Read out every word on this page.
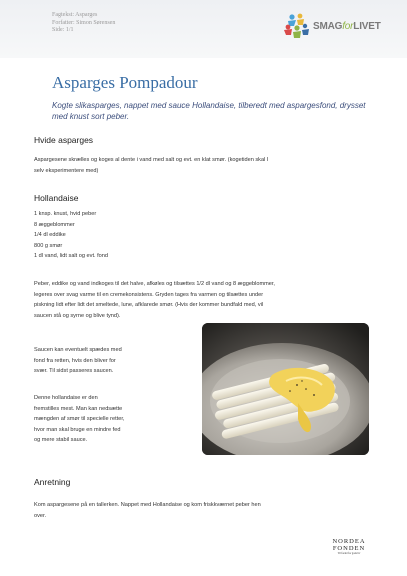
Fagtekst: Asparges
Forfatter: Simon Sørensen
Side: 1/1	SMAGforLIVET
Asparges Pompadour
Kogte slikasparges, nappet med sauce Hollandaise, tilberedt med aspargesfond, drysset med knust sort peber.
Hvide asparges
Aspargesene skrælles og koges al dente i vand med salt og evt. en klat smør. (kogetiden skal I
selv eksperimentere med)
Hollandaise
1 knsp. knust, hvid peber
8 æggeblommer
1/4 dl eddike
800 g smør
1 dl vand, lidt salt og evt. fond
Peber, eddike og vand indkoges til det halve, afkøles og tilsættes 1/2 dl vand og 8 æggeblommer,
legeres over svag varme til en cremekonsistens. Gryden tages fra varmen og tilsættes under
piskning lidt efter lidt det smeltede, lune, afklarede smør. (Hvis der kommer bundfald med, vil
saucen stå og syrne og blive tynd).
Saucen kan eventuelt spædes med
fond fra retten, hvis den bliver for
svær. Til sidst passeres saucen.
Denne hollandaise er den
fremstilles mest. Man kan nedsætte
mængden af smør til specielle retter,
hvor man skal bruge en mindre fed
og mere stabil sauce.
Anretning
Kom aspargesene på en tallerken. Nappet med Hollandaise og kom friskkværnet peber hen
over.
NORDEA
FONDEN
Til fordel for gode liv
